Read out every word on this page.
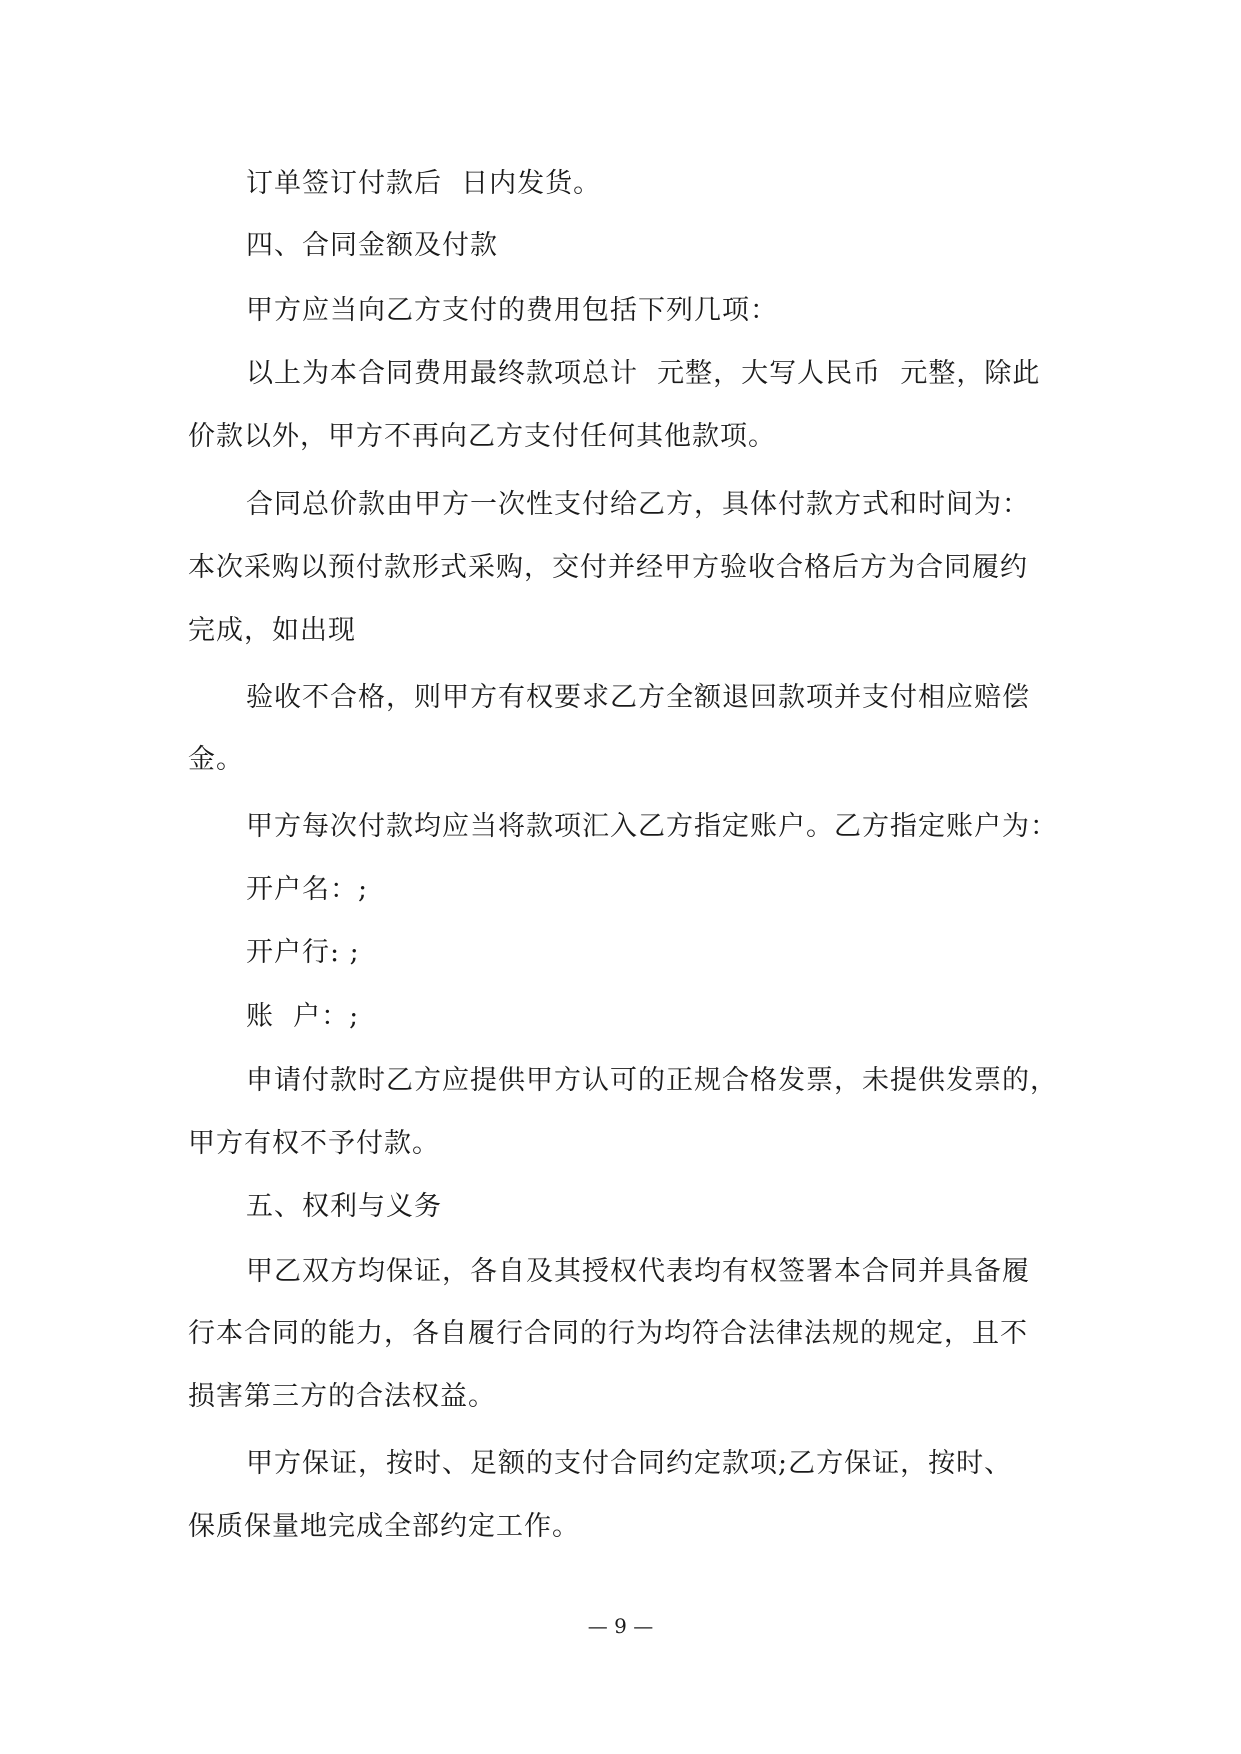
订单签订付款后  日内发货。
四、合同金额及付款
甲方应当向乙方支付的费用包括下列几项：
以上为本合同费用最终款项总计  元整，大写人民币  元整，除此
价款以外，甲方不再向乙方支付任何其他款项。
合同总价款由甲方一次性支付给乙方，具体付款方式和时间为：
本次采购以预付款形式采购，交付并经甲方验收合格后方为合同履约
完成，如出现
验收不合格，则甲方有权要求乙方全额退回款项并支付相应赔偿
金。
甲方每次付款均应当将款项汇入乙方指定账户。乙方指定账户为：
开户名：;
开户行: ;
账  户：;
申请付款时乙方应提供甲方认可的正规合格发票，未提供发票的，
甲方有权不予付款。
五、权利与义务
甲乙双方均保证，各自及其授权代表均有权签署本合同并具备履
行本合同的能力，各自履行合同的行为均符合法律法规的规定，且不
损害第三方的合法权益。
甲方保证，按时、足额的支付合同约定款项;乙方保证，按时、
保质保量地完成全部约定工作。
— 9 —
